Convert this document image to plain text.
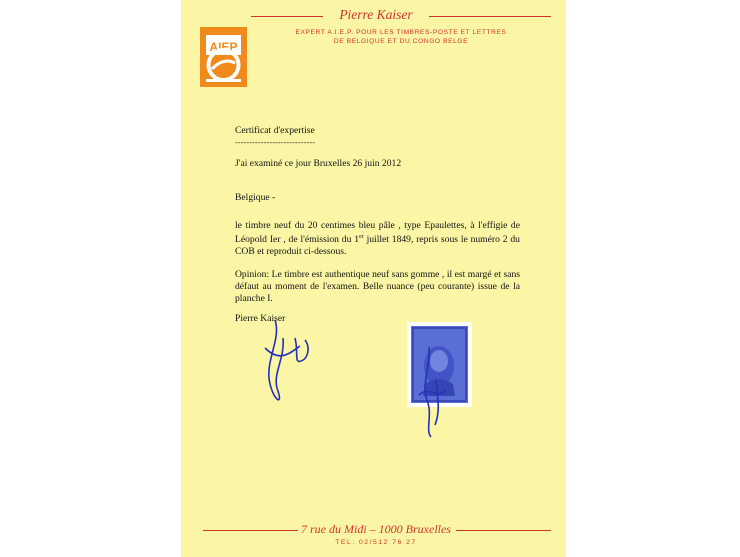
Pierre Kaiser
EXPERT A.I.E.P. POUR LES TIMBRES-POSTE ET LETTRES
DE BELGIQUE ET DU CONGO BELGE
AIEP
Certificat d'expertise
----------------------------
J'ai examiné ce jour Bruxelles 26 juin 2012
Belgique -
le timbre neuf du 20 centimes bleu pâle , type Epaulettes, à l'effigie de Léopold Ier , de l'émission du 1er juillet 1849, repris sous le numéro 2 du COB et reproduit ci-dessous.
Opinion: Le timbre est authentique neuf sans gomme , il est margé et sans défaut au moment de l'examen. Belle nuance (peu courante) issue de la planche I.
Pierre Kaiser
7 rue du Midi – 1000 Bruxelles
TEL: 02/512 76 27
